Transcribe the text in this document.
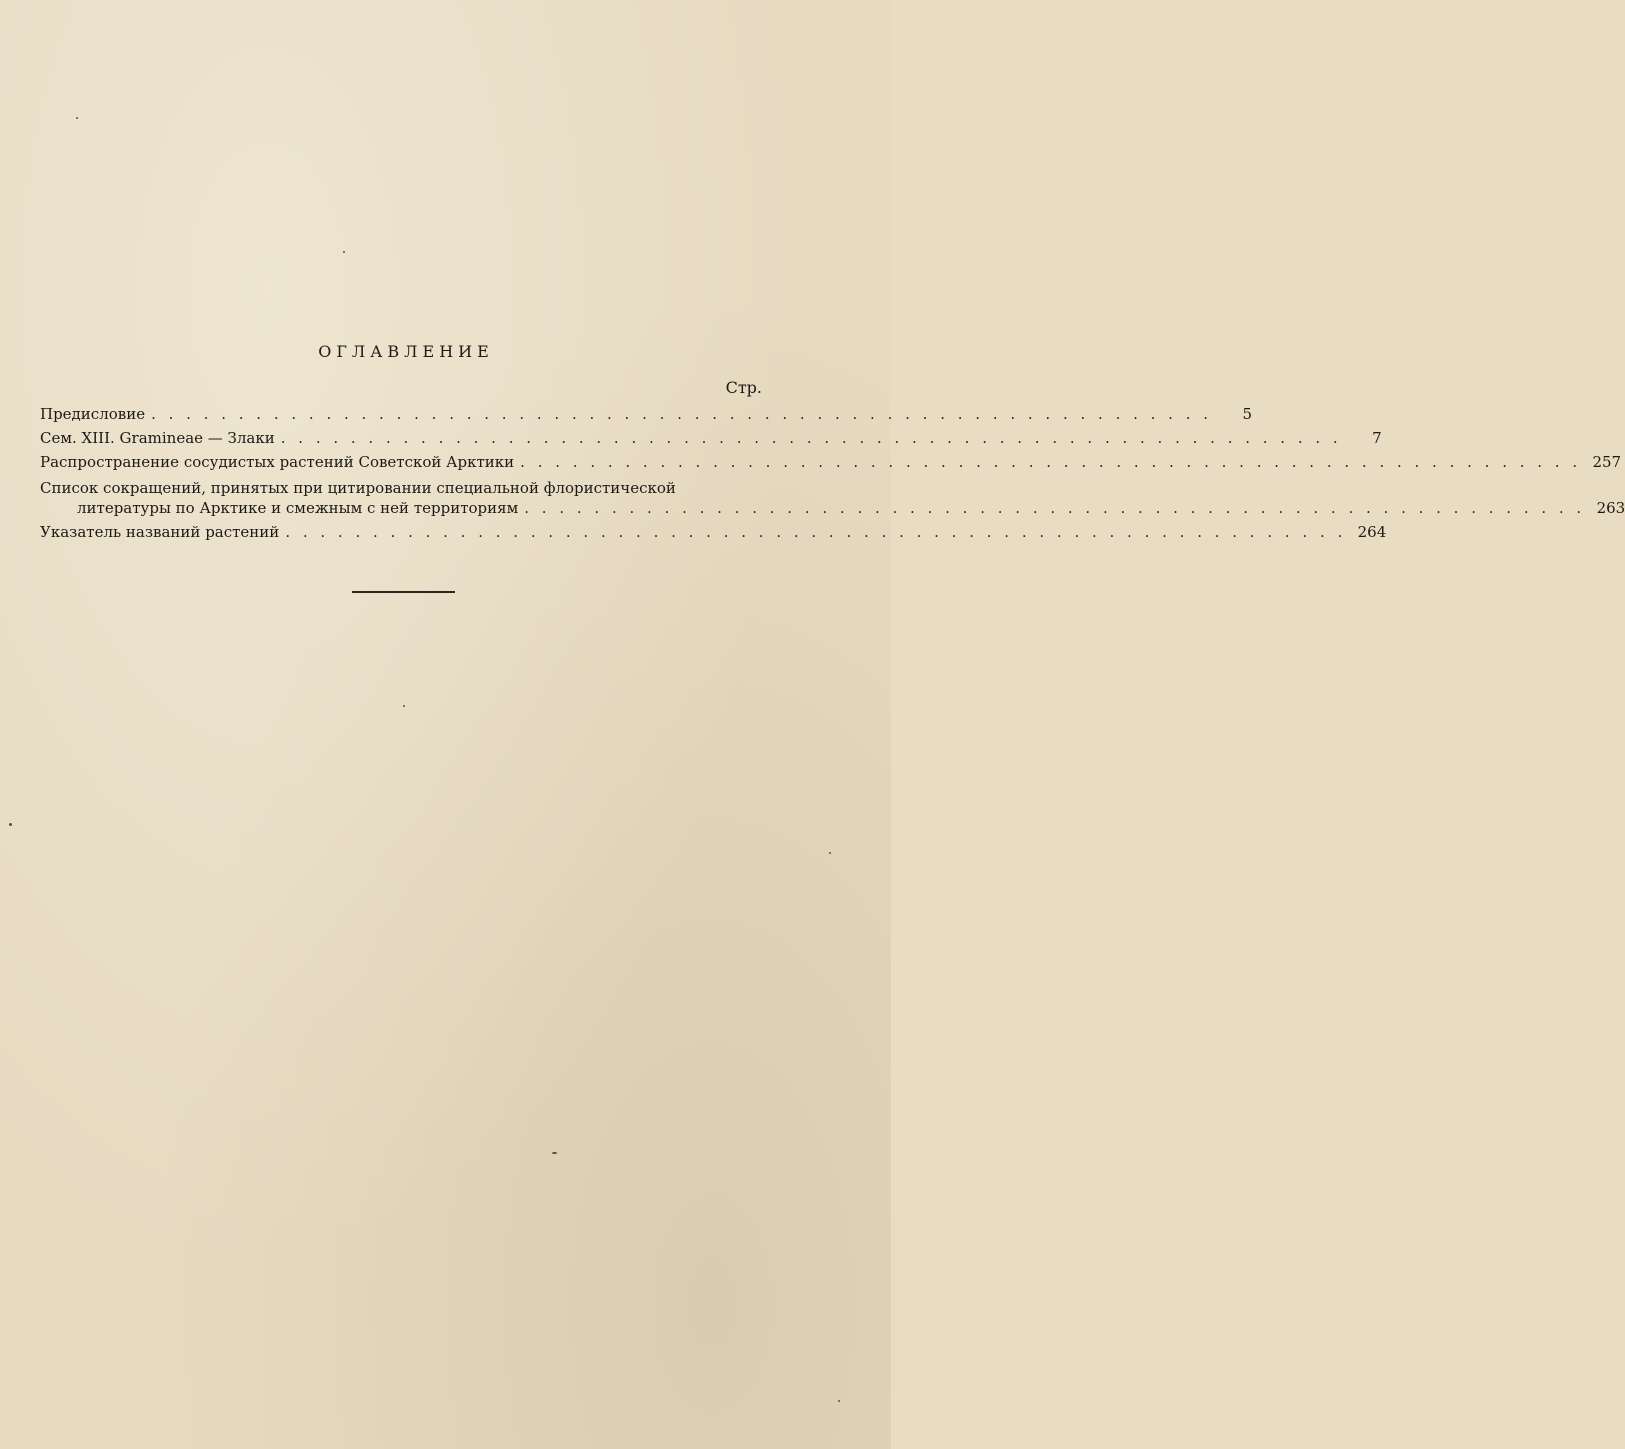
ОГЛАВЛЕНИЕ
Стр.
Предисловие . . . . . . . . . . . . . . . . . . . . . . . . . . . . . . . . . . . . . . . . . . . . . . . . . . . . . . . . . . . . .	5
Сем. XIII. Gramineae — Злаки . . . . . . . . . . . . . . . . . . . . . . . . . . . . . . . . . . . . . . . . . . . . . . . . . . . . . . . . . . . . .	7
Распространение сосудистых растений Советской Арктики . . . . . . . . . . . . . . . . . . . . . . . . . . . . . . . . . . . . . . . . . . . . . . . . . . . . . . . . . . . . . 257
Список сокращений, принятых при цитировании специальной флористической
литературы по Арктике и смежным с ней территориям . . . . . . . . . . . . . . . . . . . . . . . . . . . . . . . . . . . . . . . . . . . . . . . . . . . . . . . . . . . . . 263
Указатель названий растений . . . . . . . . . . . . . . . . . . . . . . . . . . . . . . . . . . . . . . . . . . . . . . . . . . . . . . . . . . . . . 264
